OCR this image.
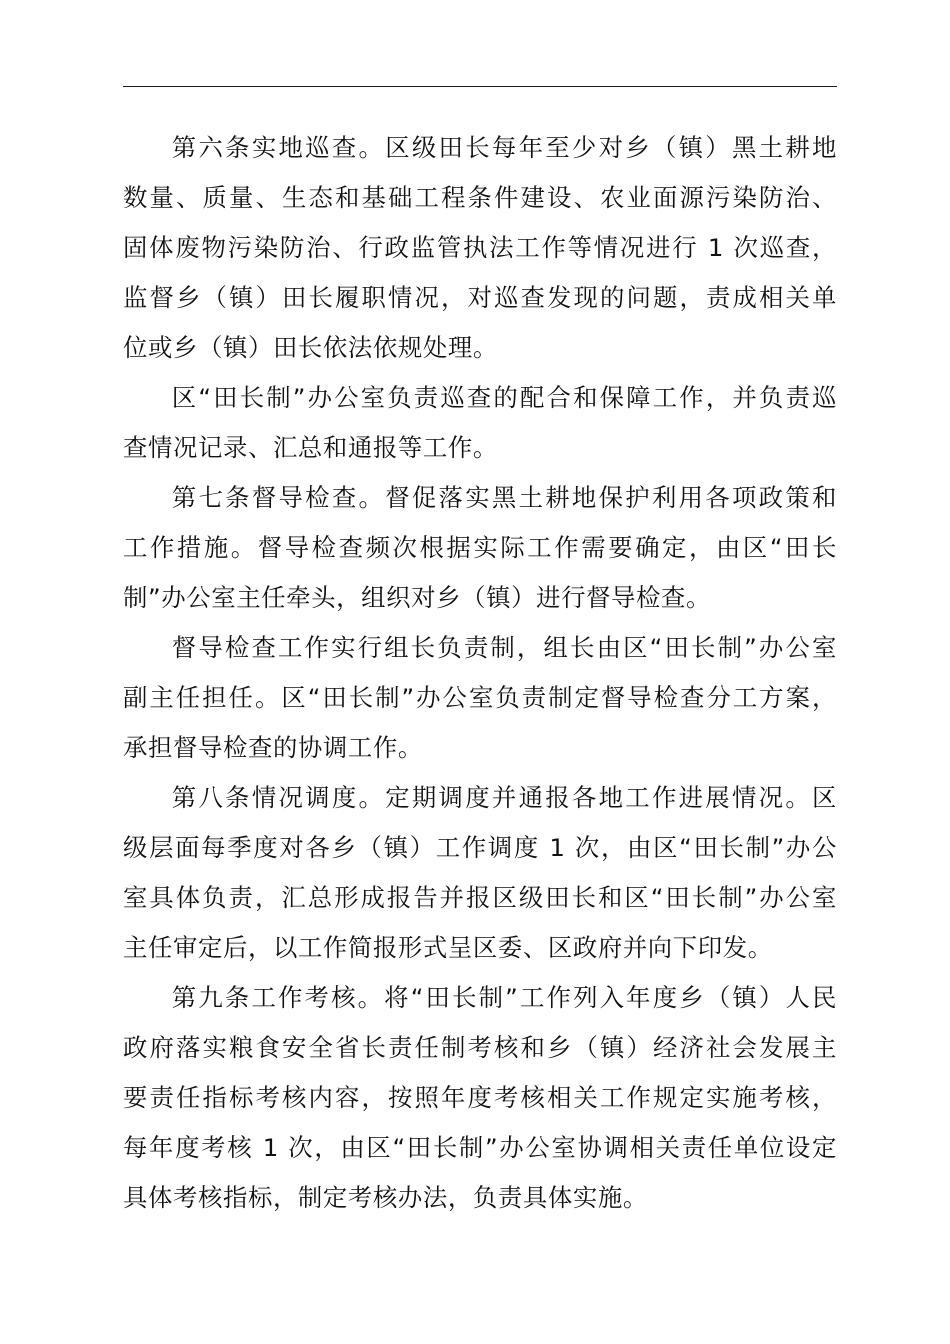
第六条实地巡查。区级田长每年至少对乡（镇）黑土耕地
数量、质量、生态和基础工程条件建设、农业面源污染防治、
固体废物污染防治、行政监管执法工作等情况进行 1 次巡查，
监督乡（镇）田长履职情况，对巡查发现的问题，责成相关单
位或乡（镇）田长依法依规处理。
区“田长制”办公室负责巡查的配合和保障工作，并负责巡
查情况记录、汇总和通报等工作。
第七条督导检查。督促落实黑土耕地保护利用各项政策和
工作措施。督导检查频次根据实际工作需要确定，由区“田长
制”办公室主任牵头，组织对乡（镇）进行督导检查。
督导检查工作实行组长负责制，组长由区“田长制”办公室
副主任担任。区“田长制”办公室负责制定督导检查分工方案，
承担督导检查的协调工作。
第八条情况调度。定期调度并通报各地工作进展情况。区
级层面每季度对各乡（镇）工作调度 1 次，由区“田长制”办公
室具体负责，汇总形成报告并报区级田长和区“田长制”办公室
主任审定后，以工作简报形式呈区委、区政府并向下印发。
第九条工作考核。将“田长制”工作列入年度乡（镇）人民
政府落实粮食安全省长责任制考核和乡（镇）经济社会发展主
要责任指标考核内容，按照年度考核相关工作规定实施考核，
每年度考核 1 次，由区“田长制”办公室协调相关责任单位设定
具体考核指标，制定考核办法，负责具体实施。
